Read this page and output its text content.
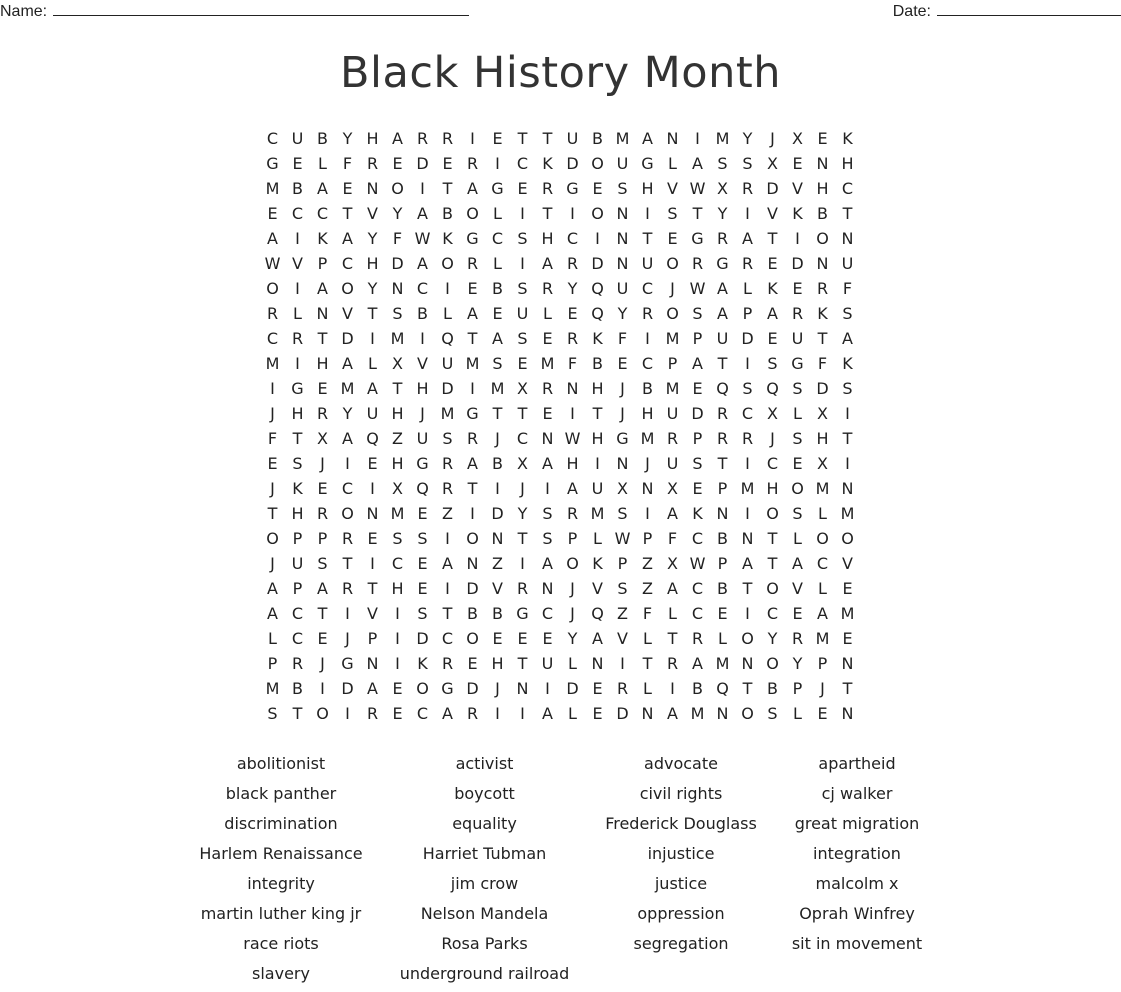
Name:	Date:
Black History Month
C U B Y H A R R	I	E T T U B M A N	I M Y	J	X E K
G E L F R E D E R	I	C K D O U G L A S S X E N H
M B A E N O	I	T A G E R G E S H V W X R D V H C
E C C T V Y A B O L	I	T	I	O N	I	S T Y	I	V K B T
A	I	K A Y F W K G C S H C	I	N T E G R A T	I	O N
W V P C H D A O R L	I	A R D N U O R G R E D N U
O	I	A O Y N C	I	E B S R Y Q U C	J W A L K E R F
R L N V T S B L A E U L E Q Y R O S A P A R K S
C R T D	I M I	Q T A S E R K F	I M P U D E U T A
M I	H A L X V U M S E M F B E C P A T	I	S G F K
I	G E M A T H D	I M X R N H	J	B M E Q S Q S D S
J	H R Y U H	J M G T T E	I	T	J	H U D R C X L X	I
F T X A Q Z U S R	J	C N W H G M R P R R	J	S H T
E S	J	I	E H G R A B X A H	I	N	J	U S T	I	C E X	I
J	K E C	I	X Q R T	I	J	I	A U X N X E P M H O M N
T H R O N M E Z	I	D Y S R M S	I	A K N	I	O S L M
O P P R E S S	I	O N T S P L W P F C B N T L O O
J	U S T	I	C E A N Z	I	A O K P Z X W P A T A C V
A P A R T H E	I	D V R N	J	V S Z A C B T O V L E
A C T	I	V	I	S T B B G C	J	Q Z F L C E	I	C E A M
L C E	J	P	I	D C O E E E Y A V L T R L O Y R M E
P R	J	G N	I	K R E H T U L N	I	T R A M N O Y P N
M B	I	D A E O G D	J	N	I	D E R L	I	B Q T B P	J	T
S T O	I	R E C A R	I	I	A L E D N A M N O S L E N
abolitionist	activist	advocate	apartheid
black panther	boycott	civil rights	cj walker
discrimination	equality	Frederick Douglass	great migration
Harlem Renaissance	Harriet Tubman	injustice	integration
integrity	jim crow	justice	malcolm x
martin luther king jr	Nelson Mandela	oppression	Oprah Winfrey
race riots	Rosa Parks	segregation	sit in movement
slavery	underground railroad
